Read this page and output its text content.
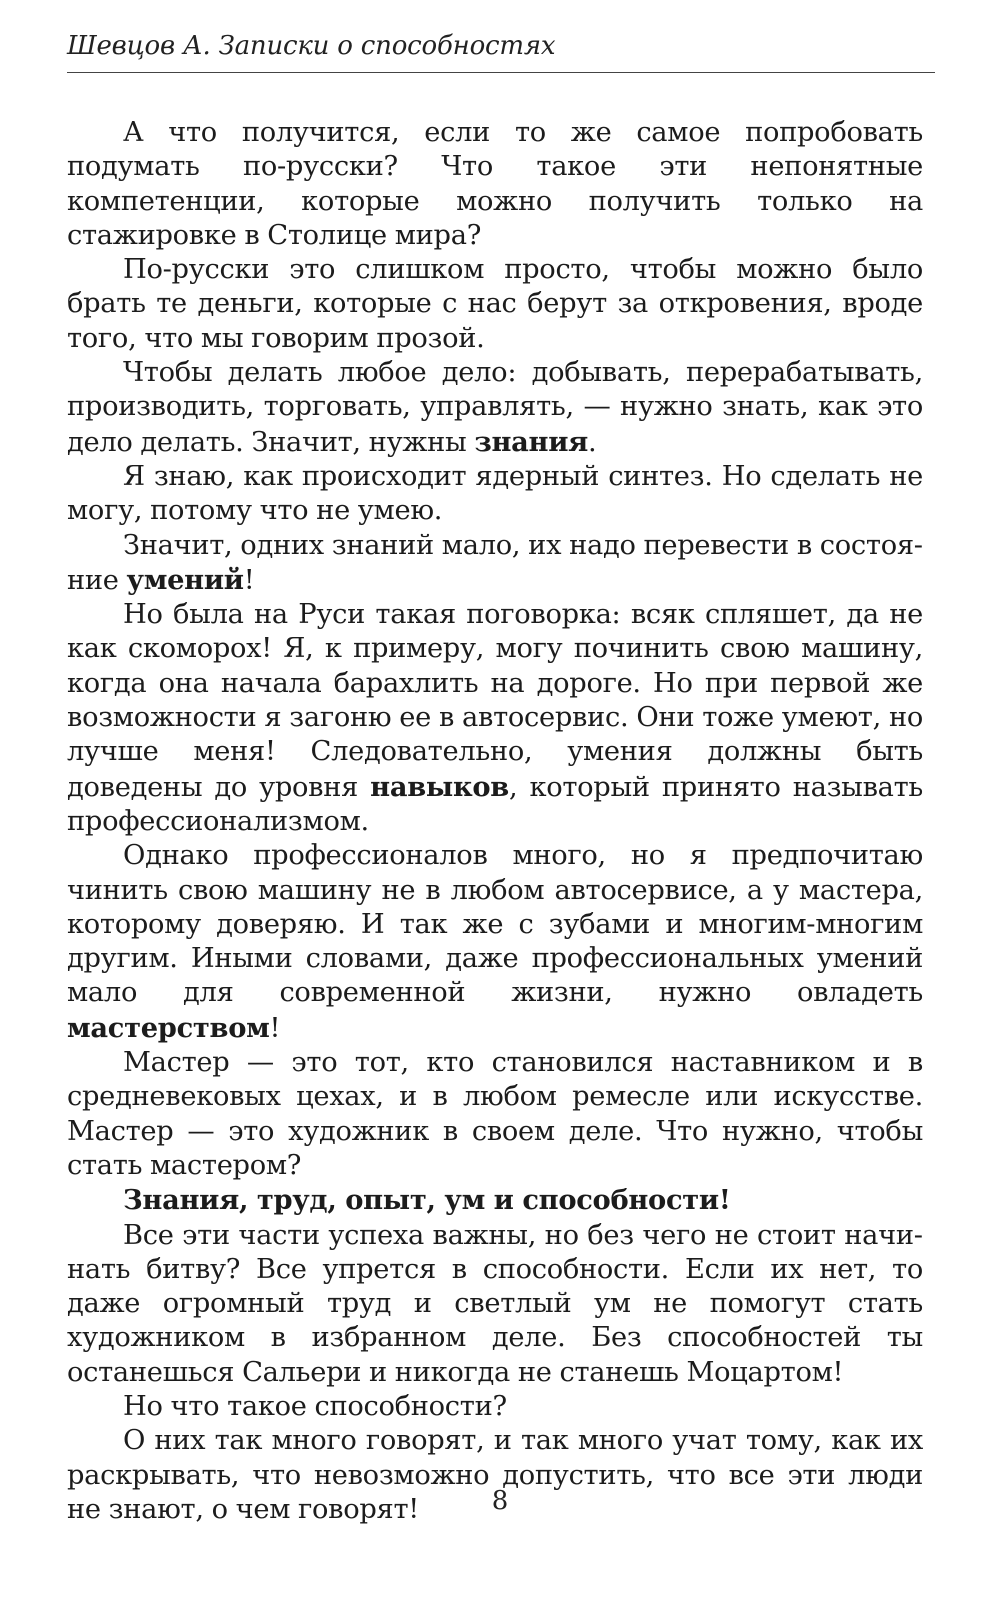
Шевцов А. Записки о способностях

А что получится, если то же самое попробовать подумать по-русски? Что такое эти непонятные компетенции, которые можно получить только на стажировке в Столице мира?

По-русски это слишком просто, чтобы можно было брать те деньги, которые с нас берут за откровения, вроде того, что мы говорим прозой.

Чтобы делать любое дело: добывать, перерабатывать, производить, торговать, управлять, — нужно знать, как это дело делать. Значит, нужны знания.

Я знаю, как происходит ядерный синтез. Но сделать не могу, потому что не умею.

Значит, одних знаний мало, их надо перевести в состояние умений!

Но была на Руси такая поговорка: всяк спляшет, да не как скоморох! Я, к примеру, могу починить свою машину, когда она начала барахлить на дороге. Но при первой же возможности я загоню ее в автосервис. Они тоже умеют, но лучше меня! Следовательно, умения должны быть доведены до уровня навыков, который принято называть профессионализмом.

Однако профессионалов много, но я предпочитаю чинить свою машину не в любом автосервисе, а у мастера, которому доверяю. И так же с зубами и многим-многим другим. Иными словами, даже профессиональных умений мало для современной жизни, нужно овладеть мастерством!

Мастер — это тот, кто становился наставником и в средневековых цехах, и в любом ремесле или искусстве. Мастер — это художник в своем деле. Что нужно, чтобы стать мастером?

Знания, труд, опыт, ум и способности!

Все эти части успеха важны, но без чего не стоит начинать битву? Все упрется в способности. Если их нет, то даже огромный труд и светлый ум не помогут стать художником в избранном деле. Без способностей ты останешься Сальери и никогда не станешь Моцартом!

Но что такое способности?

О них так много говорят, и так много учат тому, как их раскрывать, что невозможно допустить, что все эти люди не знают, о чем говорят!	8
